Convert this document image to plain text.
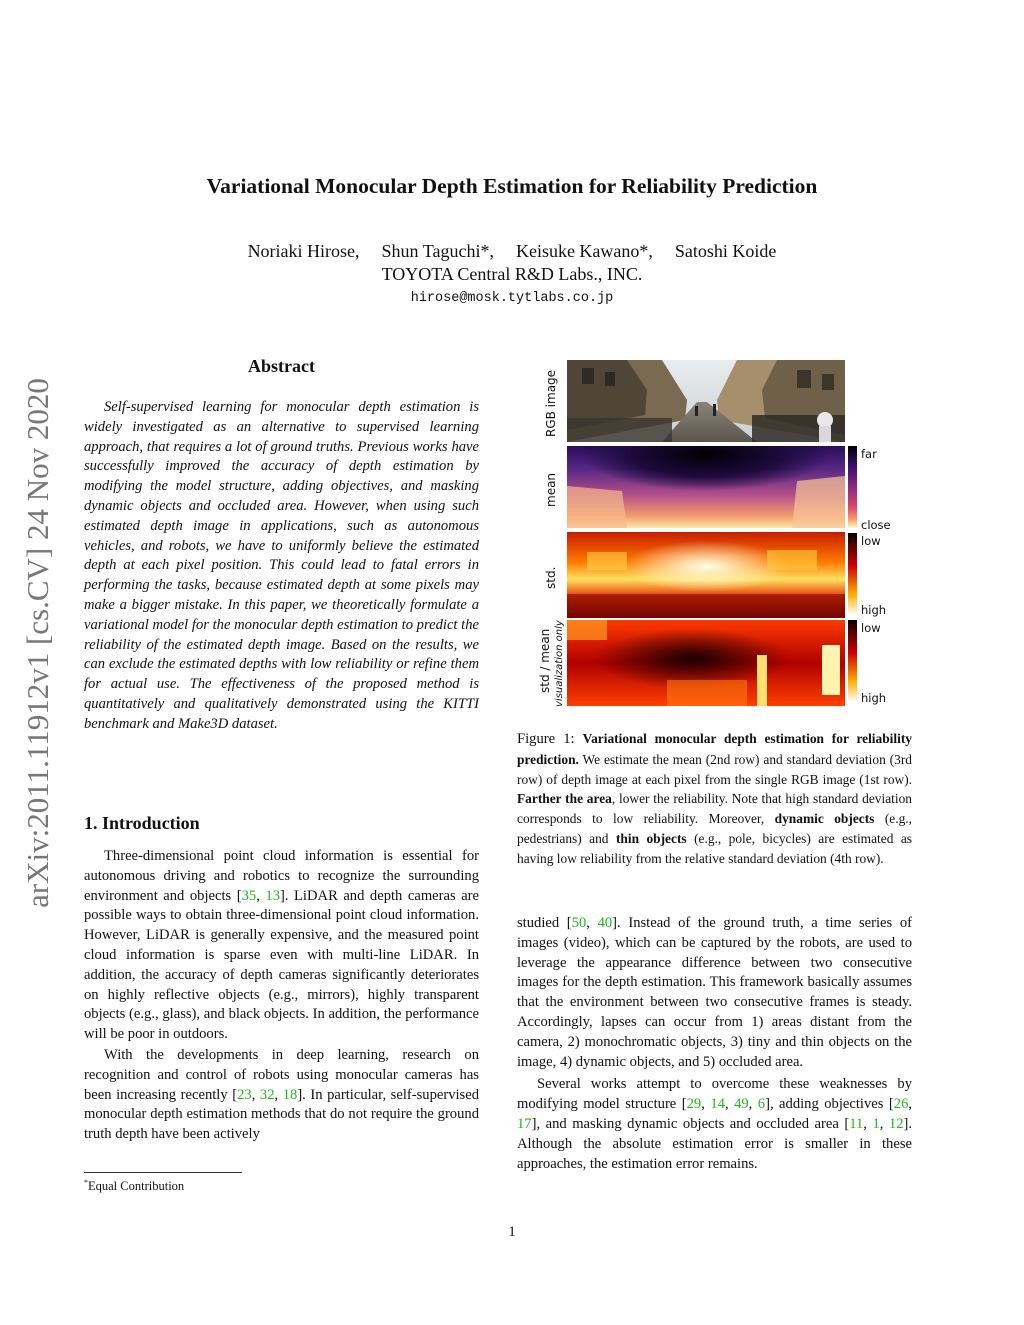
Variational Monocular Depth Estimation for Reliability Prediction
Noriaki Hirose, Shun Taguchi*, Keisuke Kawano*, Satoshi Koide
TOYOTA Central R&D Labs., INC.
hirose@mosk.tytlabs.co.jp
arXiv:2011.11912v1 [cs.CV] 24 Nov 2020
Abstract

Self-supervised learning for monocular depth estimation is widely investigated as an alternative to supervised learning approach, that requires a lot of ground truths. Previous works have successfully improved the accuracy of depth estimation by modifying the model structure, adding objectives, and masking dynamic objects and occluded area. However, when using such estimated depth image in applications, such as autonomous vehicles, and robots, we have to uniformly believe the estimated depth at each pixel position. This could lead to fatal errors in performing the tasks, because estimated depth at some pixels may make a bigger mistake. In this paper, we theoretically formulate a variational model for the monocular depth estimation to predict the reliability of the estimated depth image. Based on the results, we can exclude the estimated depths with low reliability or refine them for actual use. The effectiveness of the proposed method is quantitatively and qualitatively demonstrated using the KITTI benchmark and Make3D dataset.

1. Introduction

Three-dimensional point cloud information is essential for autonomous driving and robotics to recognize the surrounding environment and objects [35, 13]. LiDAR and depth cameras are possible ways to obtain three-dimensional point cloud information. However, LiDAR is generally expensive, and the measured point cloud information is sparse even with multi-line LiDAR. In addition, the accuracy of depth cameras significantly deteriorates on highly reflective objects (e.g., mirrors), highly transparent objects (e.g., glass), and black objects. In addition, the performance will be poor in outdoors.

With the developments in deep learning, research on recognition and control of robots using monocular cameras has been increasing recently [23, 32, 18]. In particular, self-supervised monocular depth estimation methods that do not require the ground truth depth have been actively

*Equal Contribution

studied [50, 40]. Instead of the ground truth, a time series of images (video), which can be captured by the robots, are used to leverage the appearance difference between two consecutive images for the depth estimation. This framework basically assumes that the environment between two consecutive frames is steady. Accordingly, lapses can occur from 1) areas distant from the camera, 2) monochromatic objects, 3) tiny and thin objects on the image, 4) dynamic objects, and 5) occluded area.

Several works attempt to overcome these weaknesses by modifying model structure [29, 14, 49, 6], adding objectives [26, 17], and masking dynamic objects and occluded area [11, 1, 12]. Although the absolute estimation error is smaller in these approaches, the estimation error remains.

RGB image
mean
std.
std / mean visualization only
far
close
low
high
low
high
Figure 1: Variational monocular depth estimation for reliability prediction. We estimate the mean (2nd row) and standard deviation (3rd row) of depth image at each pixel from the single RGB image (1st row). Farther the area, lower the reliability. Note that high standard deviation corresponds to low reliability. Moreover, dynamic objects (e.g., pedestrians) and thin objects (e.g., pole, bicycles) are estimated as having low reliability from the relative standard deviation (4th row).
1
